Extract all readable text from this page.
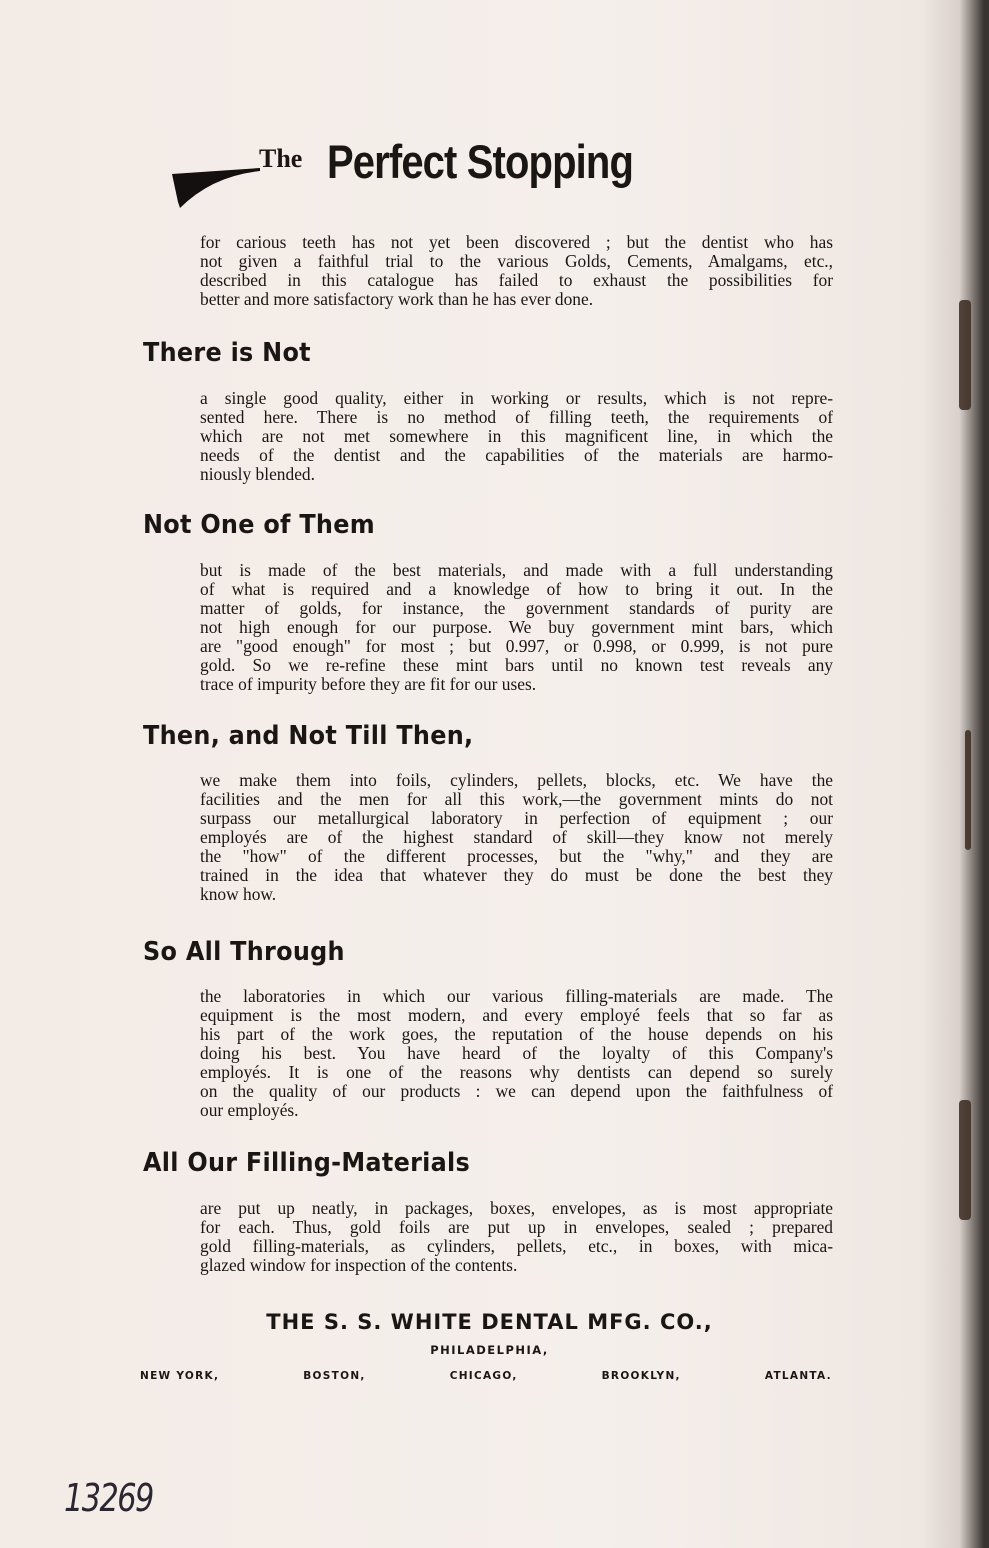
The Perfect Stopping
for carious teeth has not yet been discovered ; but the dentist who has
not given a faithful trial to the various Golds, Cements, Amalgams, etc.,
described in this catalogue has failed to exhaust the possibilities for
better and more satisfactory work than he has ever done.
There is Not
a single good quality, either in working or results, which is not repre-
sented here. There is no method of filling teeth, the requirements of
which are not met somewhere in this magnificent line, in which the
needs of the dentist and the capabilities of the materials are harmo-
niously blended.
Not One of Them
but is made of the best materials, and made with a full understanding
of what is required and a knowledge of how to bring it out. In the
matter of golds, for instance, the government standards of purity are
not high enough for our purpose. We buy government mint bars, which
are "good enough" for most ; but 0.997, or 0.998, or 0.999, is not pure
gold. So we re-refine these mint bars until no known test reveals any
trace of impurity before they are fit for our uses.
Then, and Not Till Then,
we make them into foils, cylinders, pellets, blocks, etc. We have the
facilities and the men for all this work,—the government mints do not
surpass our metallurgical laboratory in perfection of equipment ; our
employés are of the highest standard of skill—they know not merely
the "how" of the different processes, but the "why," and they are
trained in the idea that whatever they do must be done the best they
know how.
So All Through
the laboratories in which our various filling-materials are made. The
equipment is the most modern, and every employé feels that so far as
his part of the work goes, the reputation of the house depends on his
doing his best. You have heard of the loyalty of this Company's
employés. It is one of the reasons why dentists can depend so surely
on the quality of our products : we can depend upon the faithfulness of
our employés.
All Our Filling-Materials
are put up neatly, in packages, boxes, envelopes, as is most appropriate
for each. Thus, gold foils are put up in envelopes, sealed ; prepared
gold filling-materials, as cylinders, pellets, etc., in boxes, with mica-
glazed window for inspection of the contents.
THE S. S. WHITE DENTAL MFG. CO.,
PHILADELPHIA,
NEW YORK,	BOSTON,	CHICAGO,	BROOKLYN,	ATLANTA.
13269
